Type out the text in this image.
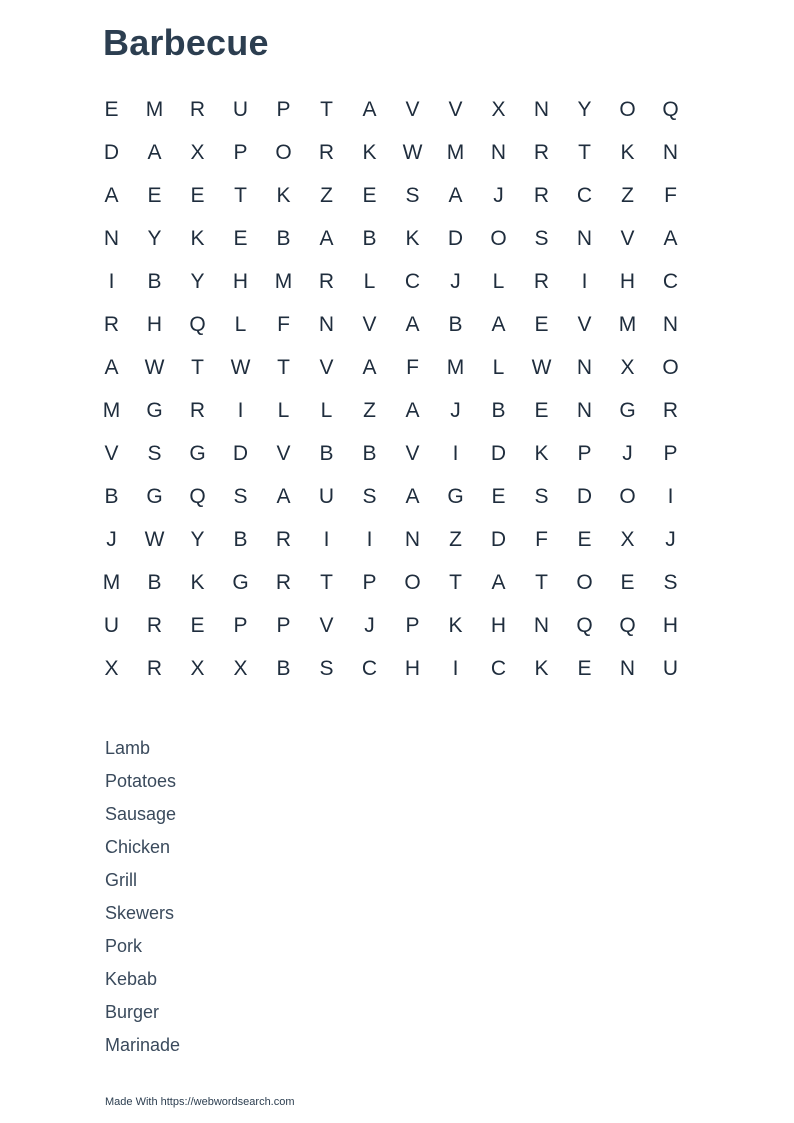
Barbecue
E	M	R	U	P	T	A	V	V	X	N	Y	O	Q
D	A	X	P	O	R	K	W	M	N	R	T	K	N
A	E	E	T	K	Z	E	S	A	J	R	C	Z	F
N	Y	K	E	B	A	B	K	D	O	S	N	V	A
I	B	Y	H	M	R	L	C	J	L	R	I	H	C
R	H	Q	L	F	N	V	A	B	A	E	V	M	N
A	W	T	W	T	V	A	F	M	L	W	N	X	O
M	G	R	I	L	L	Z	A	J	B	E	N	G	R
V	S	G	D	V	B	B	V	I	D	K	P	J	P
B	G	Q	S	A	U	S	A	G	E	S	D	O	I
J	W	Y	B	R	I	I	N	Z	D	F	E	X	J
M	B	K	G	R	T	P	O	T	A	T	O	E	S
U	R	E	P	P	V	J	P	K	H	N	Q	Q	H
X	R	X	X	B	S	C	H	I	C	K	E	N	U
Lamb
Potatoes
Sausage
Chicken
Grill
Skewers
Pork
Kebab
Burger
Marinade
Made With https://webwordsearch.com
